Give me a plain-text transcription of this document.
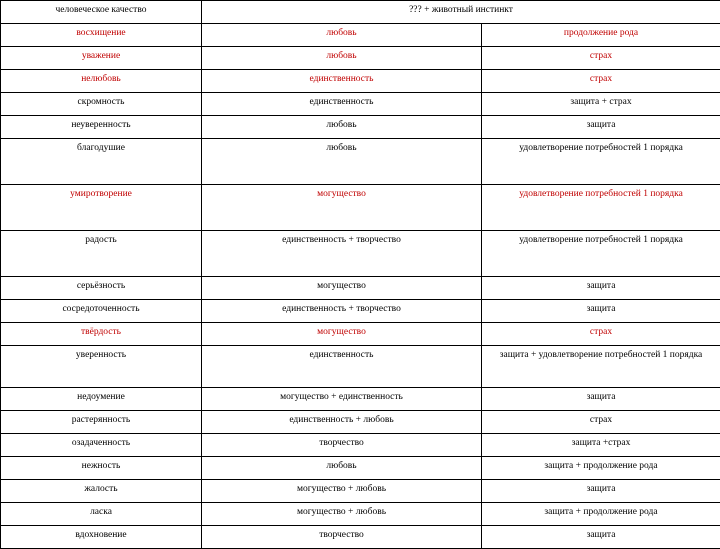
человеческое качество	??? + животный инстинкт	
восхищение	любовь	продолжение рода
уважение	любовь	страх
нелюбовь	единственность	страх
скромность	единственность	защита + страх
неуверенность	любовь	защита
благодушие	любовь	удовлетворение потребностей 1 порядка
умиротворение	могущество	удовлетворение потребностей 1 порядка
радость	единственность + творчество	удовлетворение потребностей 1 порядка
серьёзность	могущество	защита
сосредоточенность	единственность + творчество	защита
твёрдость	могущество	страх
уверенность	единственность	защита + удовлетворение потребностей 1 порядка
недоумение	могущество + единственность	защита
растерянность	единственность + любовь	страх
озадаченность	творчество	защита +страх
нежность	любовь	защита + продолжение рода
жалость	могущество + любовь	защита
ласка	могущество + любовь	защита + продолжение рода
вдохновение	творчество	защита
